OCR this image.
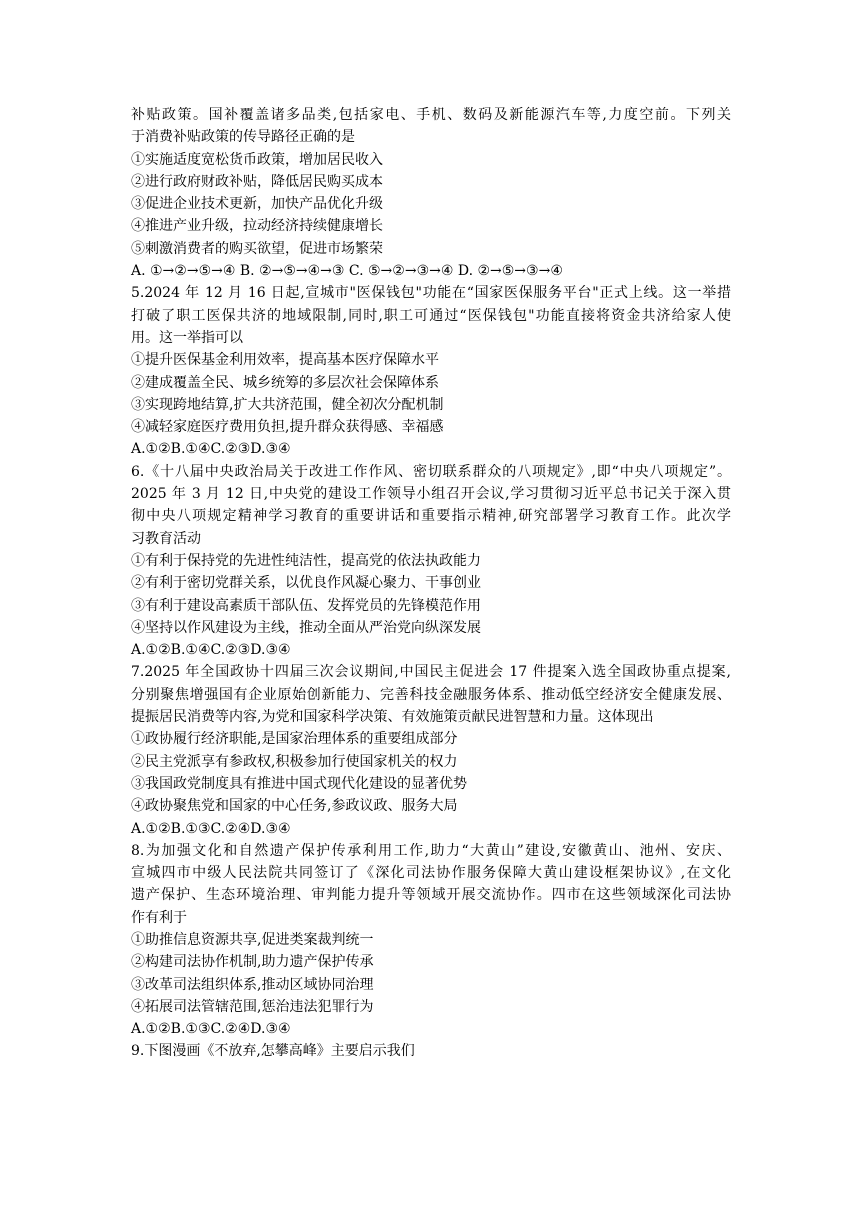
补贴政策。国补覆盖诸多品类,包括家电、手机、数码及新能源汽车等,力度空前。下列关
于消费补贴政策的传导路径正确的是
①实施适度宽松货币政策，增加居民收入
②进行政府财政补贴，降低居民购买成本
③促进企业技术更新，加快产品优化升级
④推进产业升级，拉动经济持续健康增长
⑤刺激消费者的购买欲望，促进市场繁荣
A. ①→②→⑤→④ B. ②→⑤→④→③ C. ⑤→②→③→④ D. ②→⑤→③→④
5.2024 年 12 月 16 日起,宣城市"医保钱包"功能在“国家医保服务平台"正式上线。这一举措
打破了职工医保共济的地域限制,同时,职工可通过“医保钱包"功能直接将资金共济给家人使
用。这一举指可以
①提升医保基金利用效率，提高基本医疗保障水平
②建成覆盖全民、城乡统筹的多层次社会保障体系
③实现跨地结算,扩大共济范围，健全初次分配机制
④减轻家庭医疗费用负担,提升群众获得感、幸福感
A.①②B.①④C.②③D.③④
6.《十八届中央政治局关于改进工作作风、密切联系群众的八项规定》,即“中央八项规定”。
2025 年 3 月 12 日,中央党的建设工作领导小组召开会议,学习贯彻习近平总书记关于深入贯
彻中央八项规定精神学习教育的重要讲话和重要指示精神,研究部署学习教育工作。此次学
习教育活动
①有利于保持党的先进性纯洁性，提高党的依法执政能力
②有利于密切党群关系，以优良作风凝心聚力、干事创业
③有利于建设高素质干部队伍、发挥党员的先锋模范作用
④坚持以作风建设为主线，推动全面从严治党向纵深发展
A.①②B.①④C.②③D.③④
7.2025 年全国政协十四届三次会议期间,中国民主促进会 17 件提案入选全国政协重点提案,
分别聚焦增强国有企业原始创新能力、完善科技金融服务体系、推动低空经济安全健康发展、
提振居民消费等内容,为党和国家科学决策、有效施策贡献民进智慧和力量。这体现出
①政协履行经济职能,是国家治理体系的重要组成部分
②民主党派享有参政权,积极参加行使国家机关的权力
③我国政党制度具有推进中国式现代化建设的显著优势
④政协聚焦党和国家的中心任务,参政议政、服务大局
A.①②B.①③C.②④D.③④
8.为加强文化和自然遗产保护传承利用工作,助力“大黄山”建设,安徽黄山、池州、安庆、
宣城四市中级人民法院共同签订了《深化司法协作服务保障大黄山建设框架协议》,在文化
遗产保护、生态环境治理、审判能力提升等领域开展交流协作。四市在这些领域深化司法协
作有利于
①助推信息资源共享,促进类案裁判统一
②构建司法协作机制,助力遗产保护传承
③改革司法组织体系,推动区域协同治理
④拓展司法管辖范围,惩治违法犯罪行为
A.①②B.①③C.②④D.③④
9.下图漫画《不放弃,怎攀高峰》主要启示我们
